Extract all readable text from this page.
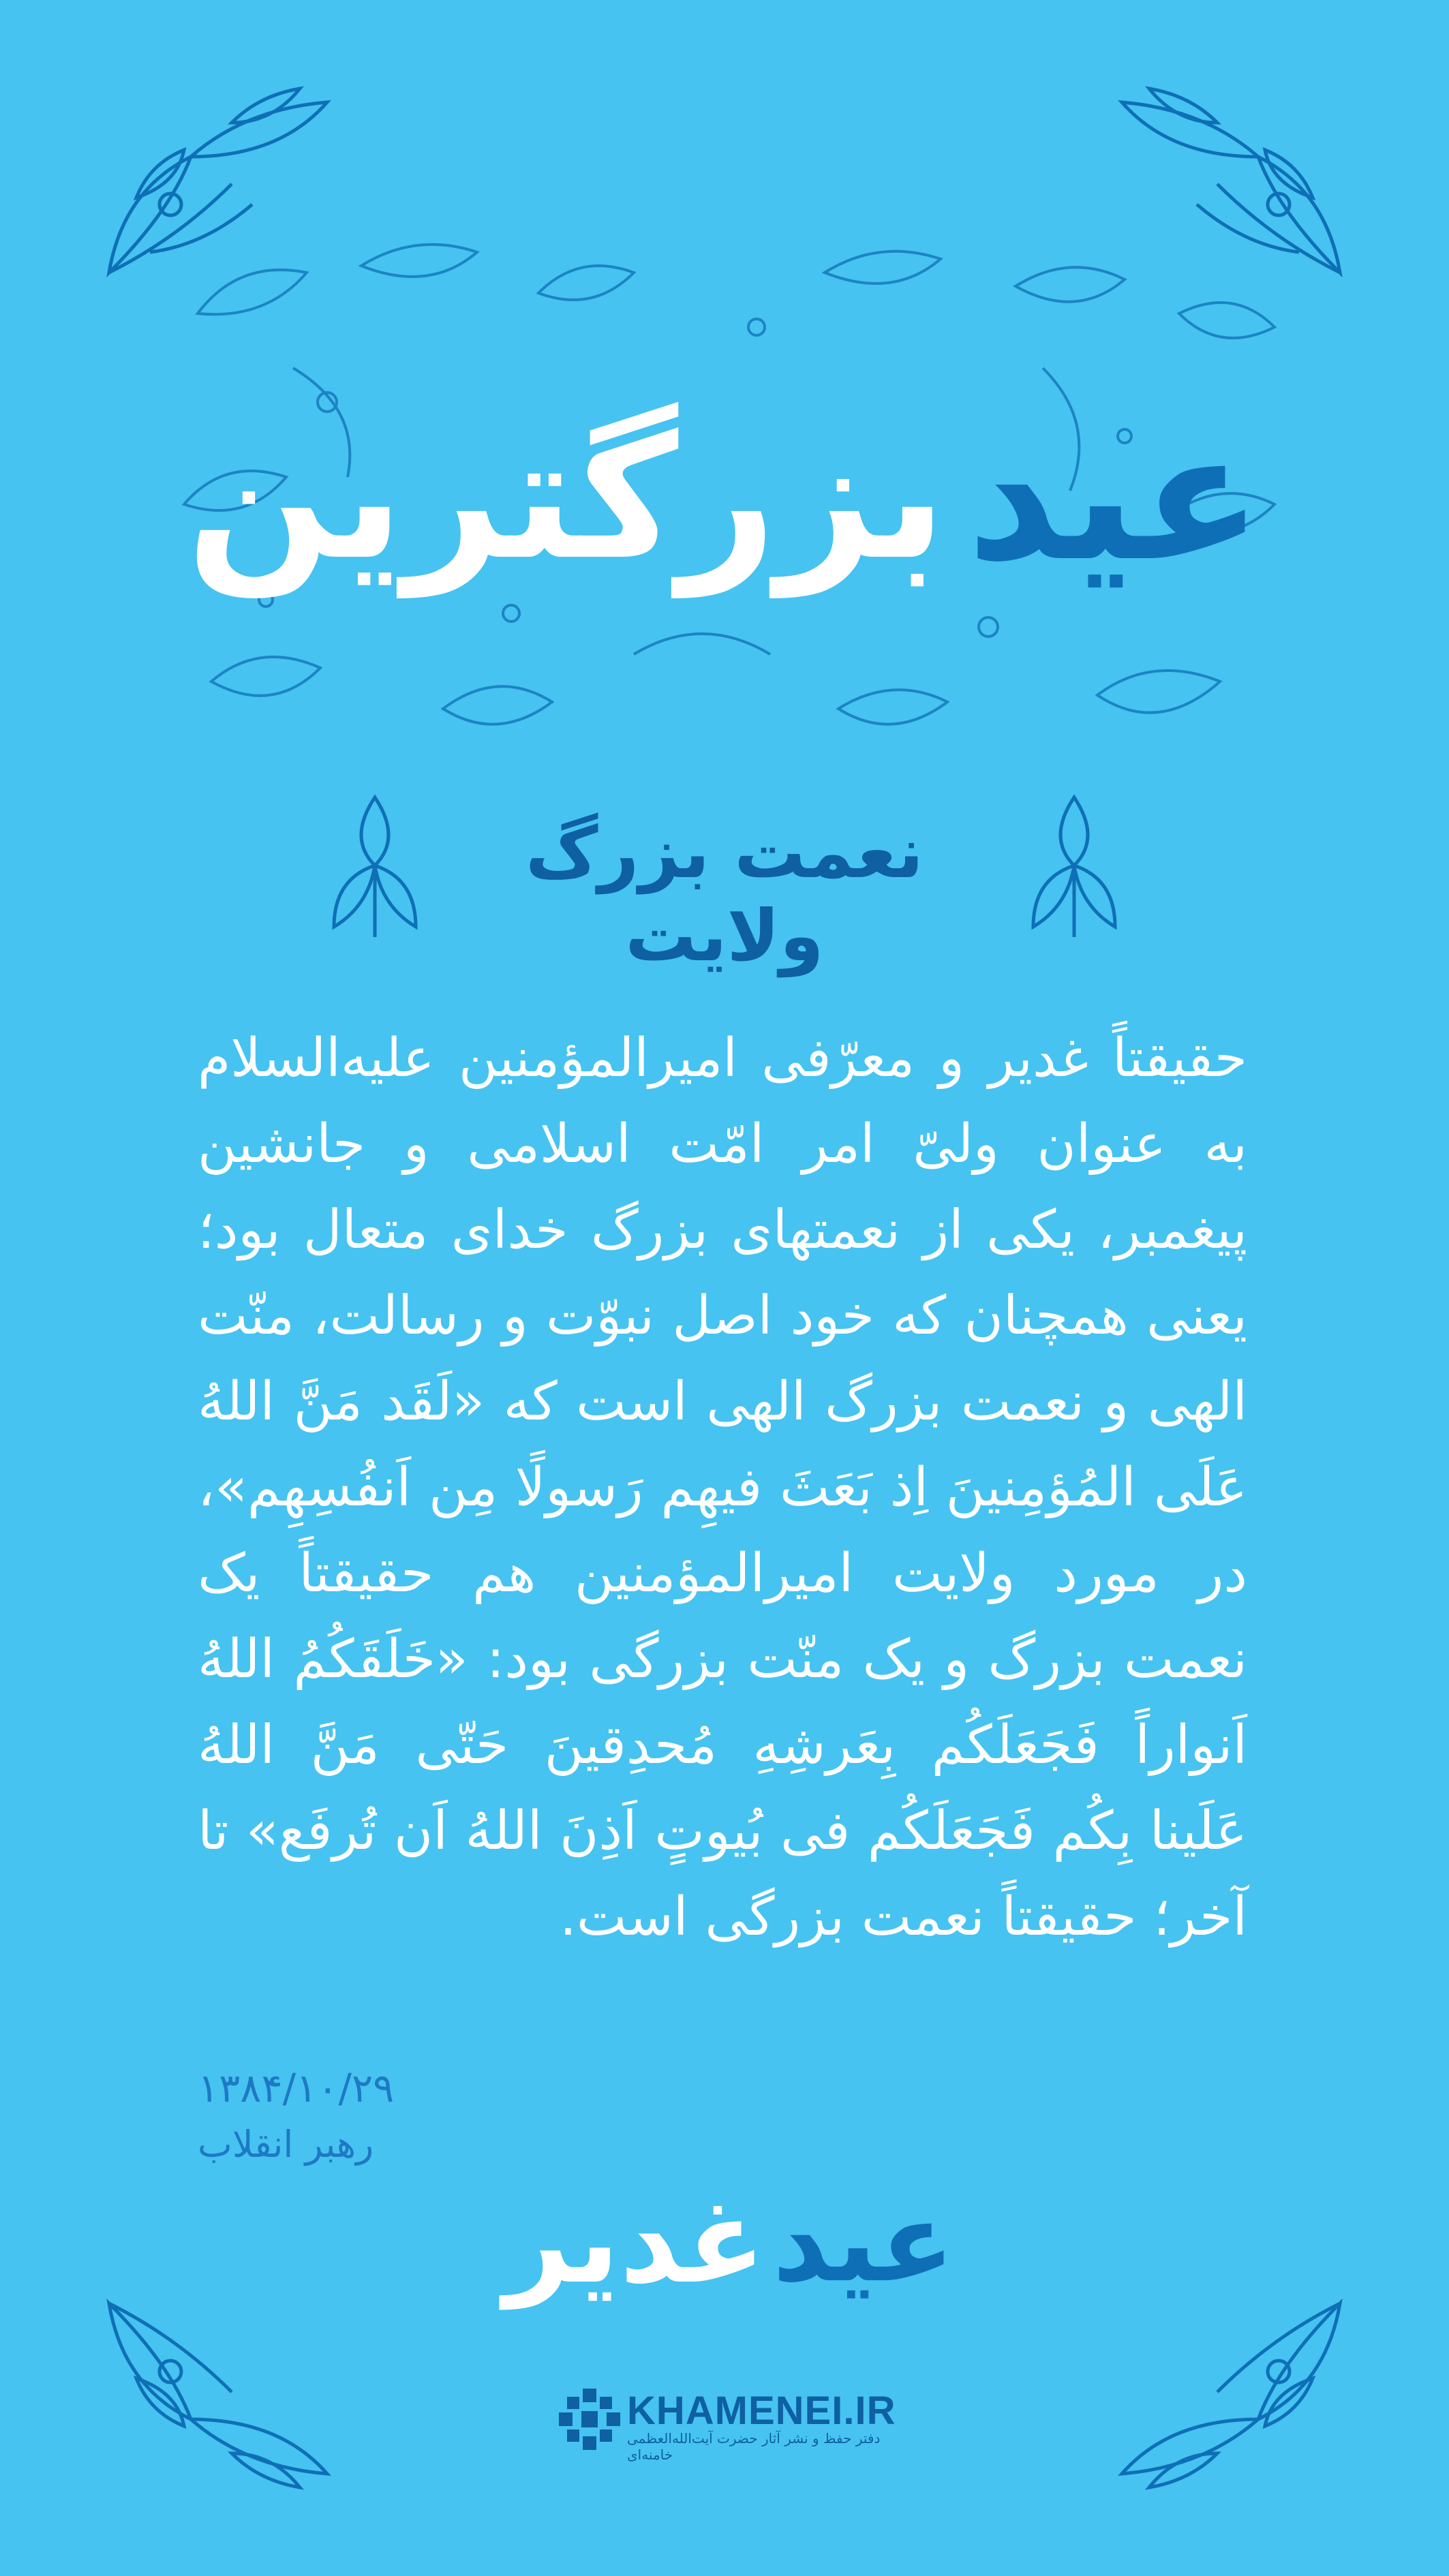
بزرگترین عید
نعمت بزرگ ولایت
حقیقتاً غدیر و معرّفی امیرالمؤمنین علیه‌السلام به عنوان ولیّ امر امّت اسلامی و جانشین پیغمبر، یکی از نعمتهای بزرگ خدای متعال بود؛ یعنی همچنان که خود اصل نبوّت و رسالت، منّت الهی و نعمت بزرگ الهی است که «لَقَد مَنَّ اللهُ عَلَی المُؤمِنینَ اِذ بَعَثَ فیهِم رَسولًا مِن اَنفُسِهِم»، در مورد ولایت امیرالمؤمنین هم حقیقتاً یک نعمت بزرگ و یک منّت بزرگی بود: «خَلَقَکُمُ اللهُ اَنواراً فَجَعَلَکُم بِعَرشِهِ مُحدِقینَ حَتّی مَنَّ اللهُ عَلَینا بِکُم فَجَعَلَکُم فی بُیوتٍ اَذِنَ اللهُ اَن تُرفَع» تا آخر؛ حقیقتاً نعمت بزرگی است.
۱۳۸۴/۱۰/۲۹
رهبر انقلاب
عید
غدیر
KHAMENEI.IR
دفتر حفظ و نشر آثار حضرت آیت‌الله‌العظمی خامنه‌ای
